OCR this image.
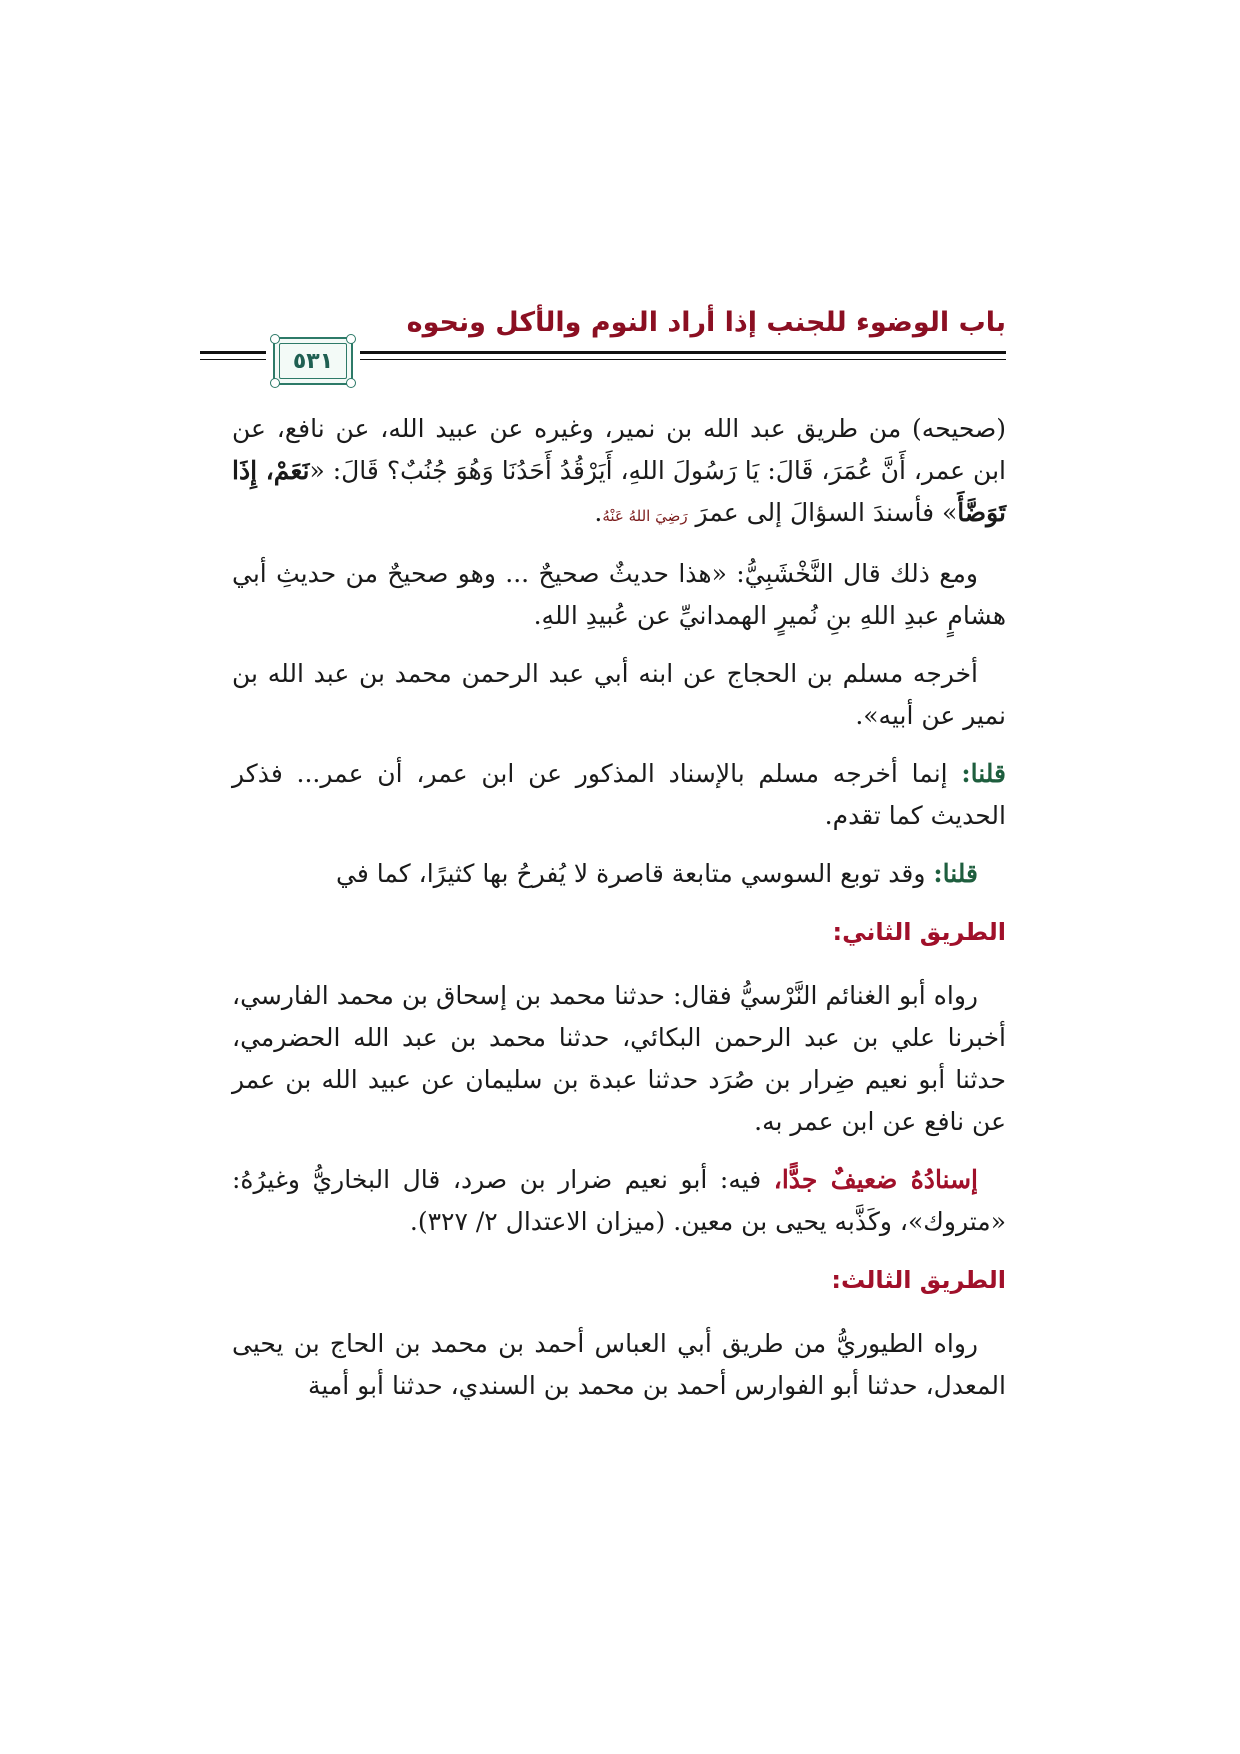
باب الوضوء للجنب إذا أراد النوم والأكل ونحوه
٥٣١

(صحيحه) من طريق عبد الله بن نمير، وغيره عن عبيد الله، عن نافع، عن ابن عمر، أَنَّ عُمَرَ، قَالَ: يَا رَسُولَ اللهِ، أَيَرْقُدُ أَحَدُنَا وَهُوَ جُنُبٌ؟ قَالَ: «نَعَمْ، إِذَا تَوَضَّأَ» فأسندَ السؤالَ إلى عمرَ رَضِيَ اللهُ عَنْهُ.

ومع ذلك قال النَّخْشَبِيُّ: «هذا حديثٌ صحيحٌ ... وهو صحيحٌ من حديثِ أبي هشامٍ عبدِ اللهِ بنِ نُميرٍ الهمدانيِّ عن عُبيدِ اللهِ.

أخرجه مسلم بن الحجاج عن ابنه أبي عبد الرحمن محمد بن عبد الله بن نمير عن أبيه».

قلنا: إنما أخرجه مسلم بالإسناد المذكور عن ابن عمر، أن عمر... فذكر الحديث كما تقدم.

قلنا: وقد توبع السوسي متابعة قاصرة لا يُفرحُ بها كثيرًا، كما في

الطريق الثاني:

رواه أبو الغنائم النَّرْسيُّ فقال: حدثنا محمد بن إسحاق بن محمد الفارسي، أخبرنا علي بن عبد الرحمن البكائي، حدثنا محمد بن عبد الله الحضرمي، حدثنا أبو نعيم ضِرار بن صُرَد حدثنا عبدة بن سليمان عن عبيد الله بن عمر عن نافع عن ابن عمر به.

إسنادُهُ ضعيفٌ جدًّا، فيه: أبو نعيم ضرار بن صرد، قال البخاريُّ وغيرُهُ: «متروك»، وكَذَّبه يحيى بن معين. (ميزان الاعتدال ٢/ ٣٢٧).

الطريق الثالث:

رواه الطيوريُّ من طريق أبي العباس أحمد بن محمد بن الحاج بن يحيى المعدل، حدثنا أبو الفوارس أحمد بن محمد بن السندي، حدثنا أبو أمية
